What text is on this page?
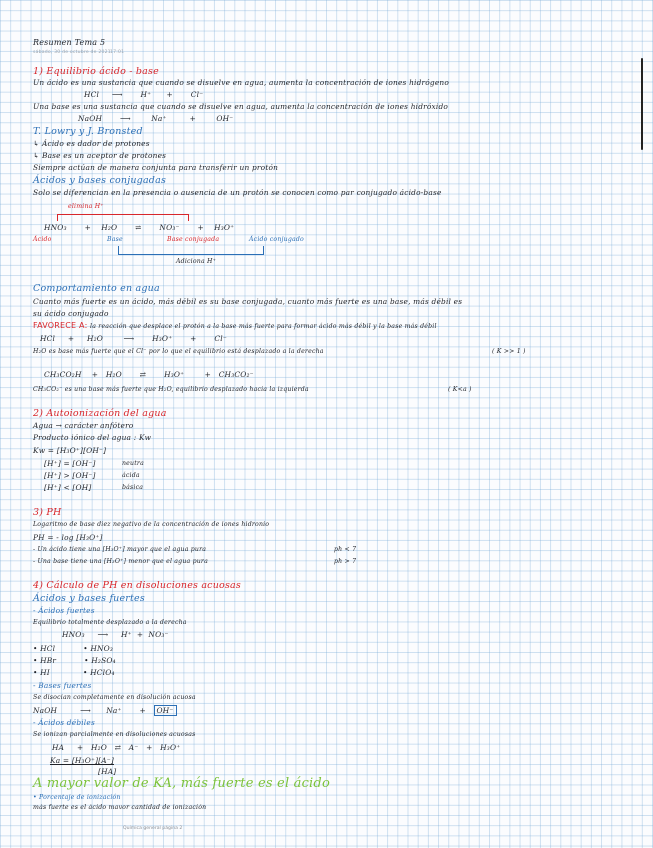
Resumen Tema 5
sábado, 30 de octubre de 2021 17:01
1) Equilibrio ácido - base
Un ácido es una sustancia que cuando se disuelve en agua, aumenta la concentración de iones hidrógeno
HCl ⟶ H⁺ + Cl⁻
Una base es una sustancia que cuando se disuelve en agua, aumenta la concentración de iones hidróxido
NaOH ⟶	Na⁺	+	OH⁻
T. Lowry y J. Bronsted
↳ Ácido es dador de protones
↳ Base es un aceptor de protones
Siempre actúan de manera conjunta para transferir un protón
Ácidos y bases conjugadas
Solo se diferencian en la presencia o ausencia de un protón se conocen como par conjugado ácido-base
elimina H⁺
HNO₃ + H₂O ⇌ NO₃⁻ + H₃O⁺
Ácido	Base	Base conjugada	Ácido conjugado
Adiciona H⁺
Comportamiento en agua
Cuanto más fuerte es un ácido, más débil es su base conjugada, cuanto más fuerte es una base, más débil es
su ácido conjugado
FAVORECE A: la reacción que desplace el protón a la base más fuerte para formar ácido más débil y la base más débil
HCl + H₂O	⟶ H₃O⁺ + Cl⁻
H₂O es base más fuerte que el Cl⁻ por lo que el equilibrio está desplazado a la derecha	( K >> 1 )
CH₃CO₂H + H₂O ⇄ H₃O⁺	+ CH₃CO₂⁻
CH₃CO₂⁻ es una base más fuerte que H₂O, equilibrio desplazado hacia la izquierda	( K<a )
2) Autoionización del agua
Agua → carácter anfótero
Producto iónico del agua : Kw
Kw = [H₃O⁺][OH⁻]
[H⁺] = [OH⁻]	neutra
[H⁺] > [OH⁻]	ácida
[H⁺] < [OH]	básica
3) PH
Logaritmo de base diez negativo de la concentración de iones hidronio
PH = - log [H₃O⁺]
- Un ácido tiene una [H₃O⁺] mayor que el agua pura	ph < 7
- Una base tiene una [H₃O⁺] menor que el agua pura	ph > 7
4) Cálculo de PH en disoluciones acuosas
Ácidos y bases fuertes
- Ácidos fuertes
Equilibrio totalmente desplazado a la derecha
HNO₃ ⟶ H⁺ + NO₃⁻
• HCl	• HNO₃
• HBr	• H₂SO₄
• HI	• HClO₄
- Bases fuertes
Se disocian completamente en disolución acuosa
NaOH	⟶ Na⁺ + OH⁻
- Ácidos débiles
Se ionizan parcialmente en disoluciones acuosas
HA + H₂O ⇄ A⁻ + H₃O⁺
Ka = [H₃O⁺][A⁻]
[HA]
A mayor valor de KA, más fuerte es el ácido
• Porcentaje de ionización
más fuerte es el ácido mayor cantidad de ionización
Química general página 2
